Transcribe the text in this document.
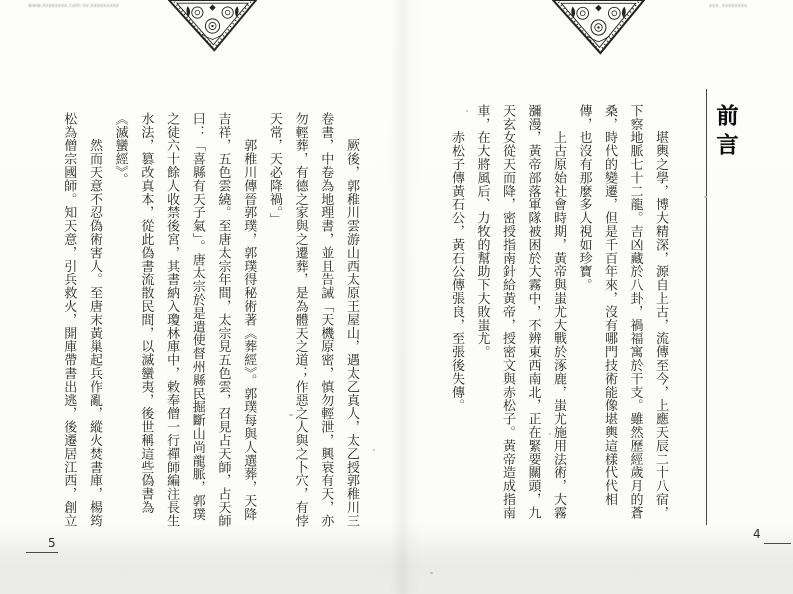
www.xxxxxxxx.com xx:xxxxxxxxx	xxx. xxxxxxxx
前言
　　堪輿之學，博大精深，源自上古，流傳至今，上應天辰二十八宿，
下察地脈七十二龍。吉凶藏於八卦，禍福寓於干支。雖然歷經歲月的蒼
桑，時代的變遷，但是千百年來，沒有哪門技術能像堪輿這樣代代相
傳，也沒有那麼多人視如珍寶。
　　上古原始社會時期，黃帝與蚩尤大戰於涿鹿，蚩尤施用法術，大霧
瀰漫，黃帝部落軍隊被困於大霧中，不辨東西南北，正在緊要關頭，九
天玄女從天而降，密授指南針給黃帝，授密文與赤松子。黃帝造成指南
車，在大將風后、力牧的幫助下大敗蚩尤。
　　赤松子傳黃石公，黃石公傳張良，至張後失傳。
4
　　厥後，郭稚川雲游山西太原王屋山，遇太乙真人，太乙授郭稚川三
卷書，中卷為地理書，並且告誡「天機原密，慎勿輕泄，興衰有天，亦
勿輕葬，有德之家與之遷葬，是為體天之道；作惡之人與之卜穴，有悖
天常，天必降禍。」
　　郭稚川傳晉郭璞，郭璞得秘術著《葬經》。郭璞每與人選葬，天降
吉祥，五色雲繞。至唐太宗年間，太宗見五色雲，召見占天師，占天師
曰：「喜縣有天子氣」。唐太宗於是遣使督州縣民掘斷山尚龍脈，郭璞
之徒六十餘人收禁後宮，其書納入瓊林庫中，敕奉僧一行禪師編注長生
水法，篡改真本，從此偽書流散民間，以滅蠻夷，後世稱這些偽書為
《滅蠻經》。
　　然而天意不忍偽術害人。至唐末黃巢起兵作亂，縱火焚書庫，楊筠
松為僧宗國師。知天意，引兵救火，開庫帶書出逃，後遷居江西，創立
5
